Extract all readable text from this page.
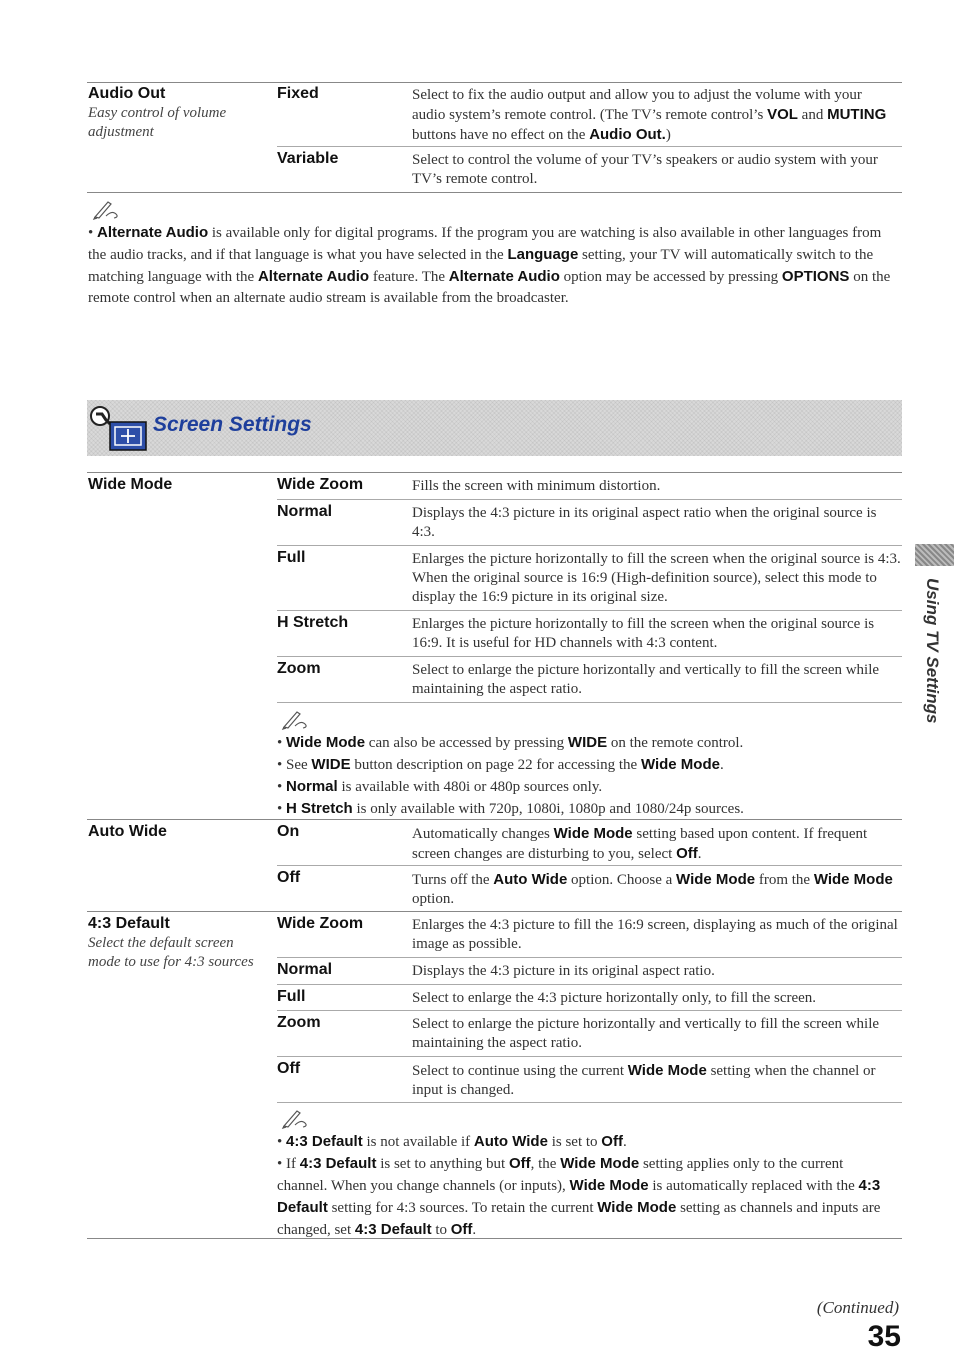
Audio Out
Easy control of volume adjustment
Fixed	Select to fix the audio output and allow you to adjust the volume with your audio system’s remote control. (The TV’s remote control’s VOL and MUTING buttons have no effect on the Audio Out.)
Variable	Select to control the volume of your TV’s speakers or audio system with your TV’s remote control.
• Alternate Audio is available only for digital programs. If the program you are watching is also available in other languages from the audio tracks, and if that language is what you have selected in the Language setting, your TV will automatically switch to the matching language with the Alternate Audio feature. The Alternate Audio option may be accessed by pressing OPTIONS on the remote control when an alternate audio stream is available from the broadcaster.
Screen Settings
Wide Mode	Wide Zoom	Fills the screen with minimum distortion.
Normal	Displays the 4:3 picture in its original aspect ratio when the original source is 4:3.
Full	Enlarges the picture horizontally to fill the screen when the original source is 4:3. When the original source is 16:9 (High-definition source), select this mode to display the 16:9 picture in its original size.
H Stretch	Enlarges the picture horizontally to fill the screen when the original source is 16:9. It is useful for HD channels with 4:3 content.
Zoom	Select to enlarge the picture horizontally and vertically to fill the screen while maintaining the aspect ratio.

• Wide Mode can also be accessed by pressing WIDE on the remote control.

• See WIDE button description on page 22 for accessing the Wide Mode.

• Normal is available with 480i or 480p sources only.

• H Stretch is only available with 720p, 1080i, 1080p and 1080/24p sources.

Auto Wide	On	Automatically changes Wide Mode setting based upon content. If frequent screen changes are disturbing to you, select Off.
Off	Turns off the Auto Wide option. Choose a Wide Mode from the Wide Mode option.
4:3 Default
Select the default screen mode to use for 4:3 sources
Wide Zoom	Enlarges the 4:3 picture to fill the 16:9 screen, displaying as much of the original image as possible.
Normal	Displays the 4:3 picture in its original aspect ratio.
Full	Select to enlarge the 4:3 picture horizontally only, to fill the screen.
Zoom	Select to enlarge the picture horizontally and vertically to fill the screen while maintaining the aspect ratio.
Off	Select to continue using the current Wide Mode setting when the channel or input is changed.

• 4:3 Default is not available if Auto Wide is set to Off.

• If 4:3 Default is set to anything but Off, the Wide Mode setting applies only to the current channel. When you change channels (or inputs), Wide Mode is automatically replaced with the 4:3 Default setting for 4:3 sources. To retain the current Wide Mode setting as channels and inputs are changed, set 4:3 Default to Off.

Using TV Settings
(Continued)
35
